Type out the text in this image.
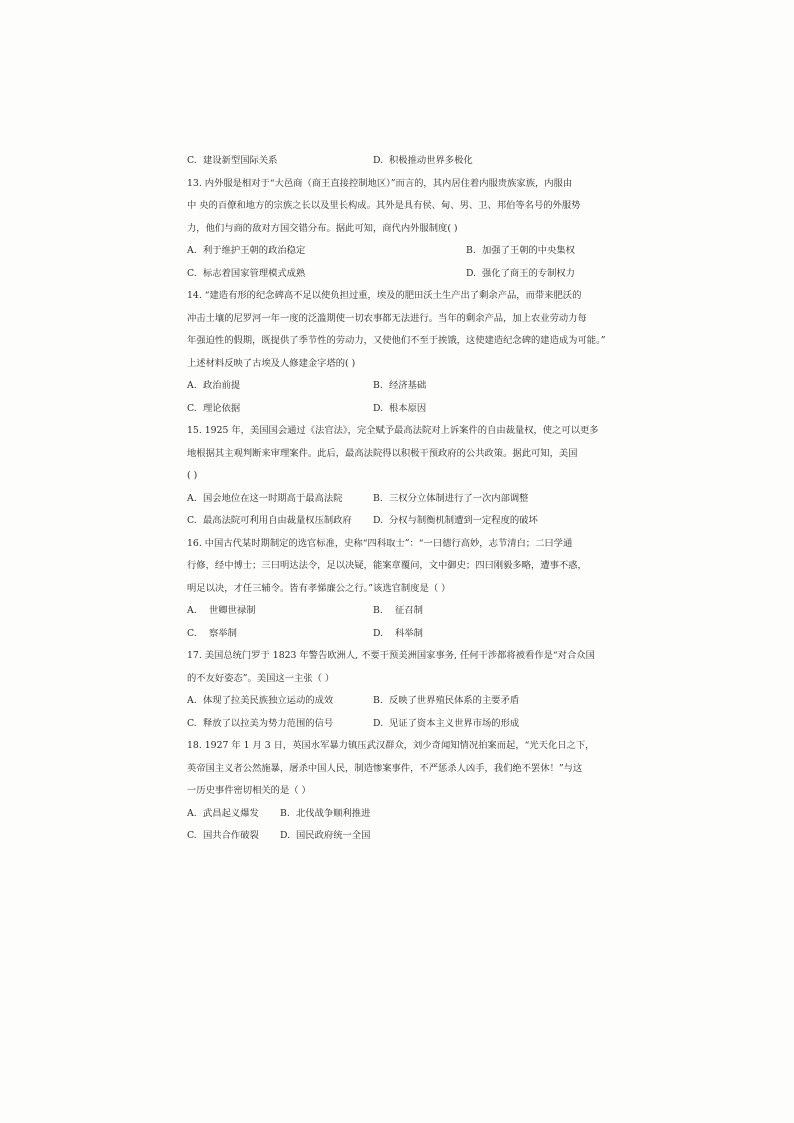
C. 建设新型国际关系	D. 积极推动世界多极化
13. 内外服是相对于“大邑商（商王直接控制地区）”而言的，其内居住着内服贵族家族，内服由
中 央的百僚和地方的宗族之长以及里长构成。其外是具有侯、甸、男、卫、邦伯等名号的外服势
力，他们与商的敌对方国交错分布。据此可知，商代内外服制度( )
A. 利于维护王朝的政治稳定	B. 加强了王朝的中央集权
C. 标志着国家管理模式成熟	D. 强化了商王的专制权力
14. “建造有形的纪念碑高不足以使负担过重，埃及的肥田沃土生产出了剩余产品，而带来肥沃的
冲击土壤的尼罗河一年一度的泛滥期使一切农事都无法进行。当年的剩余产品，加上农业劳动力每
年强迫性的假期，既提供了季节性的劳动力，又使他们不至于挨饿，这使建造纪念碑的建造成为可能。”
上述材料反映了古埃及人修建金字塔的( )
A. 政治前提	B. 经济基础
C. 理论依据	D. 根本原因
15. 1925 年，美国国会通过《法官法》，完全赋予最高法院对上诉案件的自由裁量权，使之可以更多
地根据其主观判断来审理案件。此后，最高法院得以积极干预政府的公共政策。据此可知，美国
( )
A. 国会地位在这一时期高于最高法院	B. 三权分立体制进行了一次内部调整
C. 最高法院可利用自由裁量权压制政府 D. 分权与制衡机制遭到一定程度的破坏
16. 中国古代某时期制定的选官标准，史称“四科取士”：“一曰德行高妙，志节清白；二曰学通
行修，经中博士；三曰明达法令，足以决疑，能案章覆问，文中御史；四曰刚毅多略，遭事不惑，
明足以决，才任三辅令。皆有孝悌廉公之行。”该选官制度是（ ）
A. 世卿世禄制	B. 征召制
C. 察举制	D. 科举制
17. 美国总统门罗于 1823 年警告欧洲人, 不要干预美洲国家事务, 任何干涉都将被看作是“对合众国
的不友好姿态”。美国这一主张（ ）
A. 体现了拉美民族独立运动的成效	B. 反映了世界殖民体系的主要矛盾
C. 释放了以拉美为势力范围的信号	D. 见证了资本主义世界市场的形成
18. 1927 年 1 月 3 日，英国水军暴力镇压武汉群众，刘少奇闻知情况拍案而起，“光天化日之下，
英帝国主义者公然施暴，屠杀中国人民，制造惨案事件，不严惩杀人凶手，我们绝不罢休！”与这
一历史事件密切相关的是（ ）
A. 武昌起义爆发 B. 北伐战争顺利推进
C. 国共合作破裂 D. 国民政府统一全国
